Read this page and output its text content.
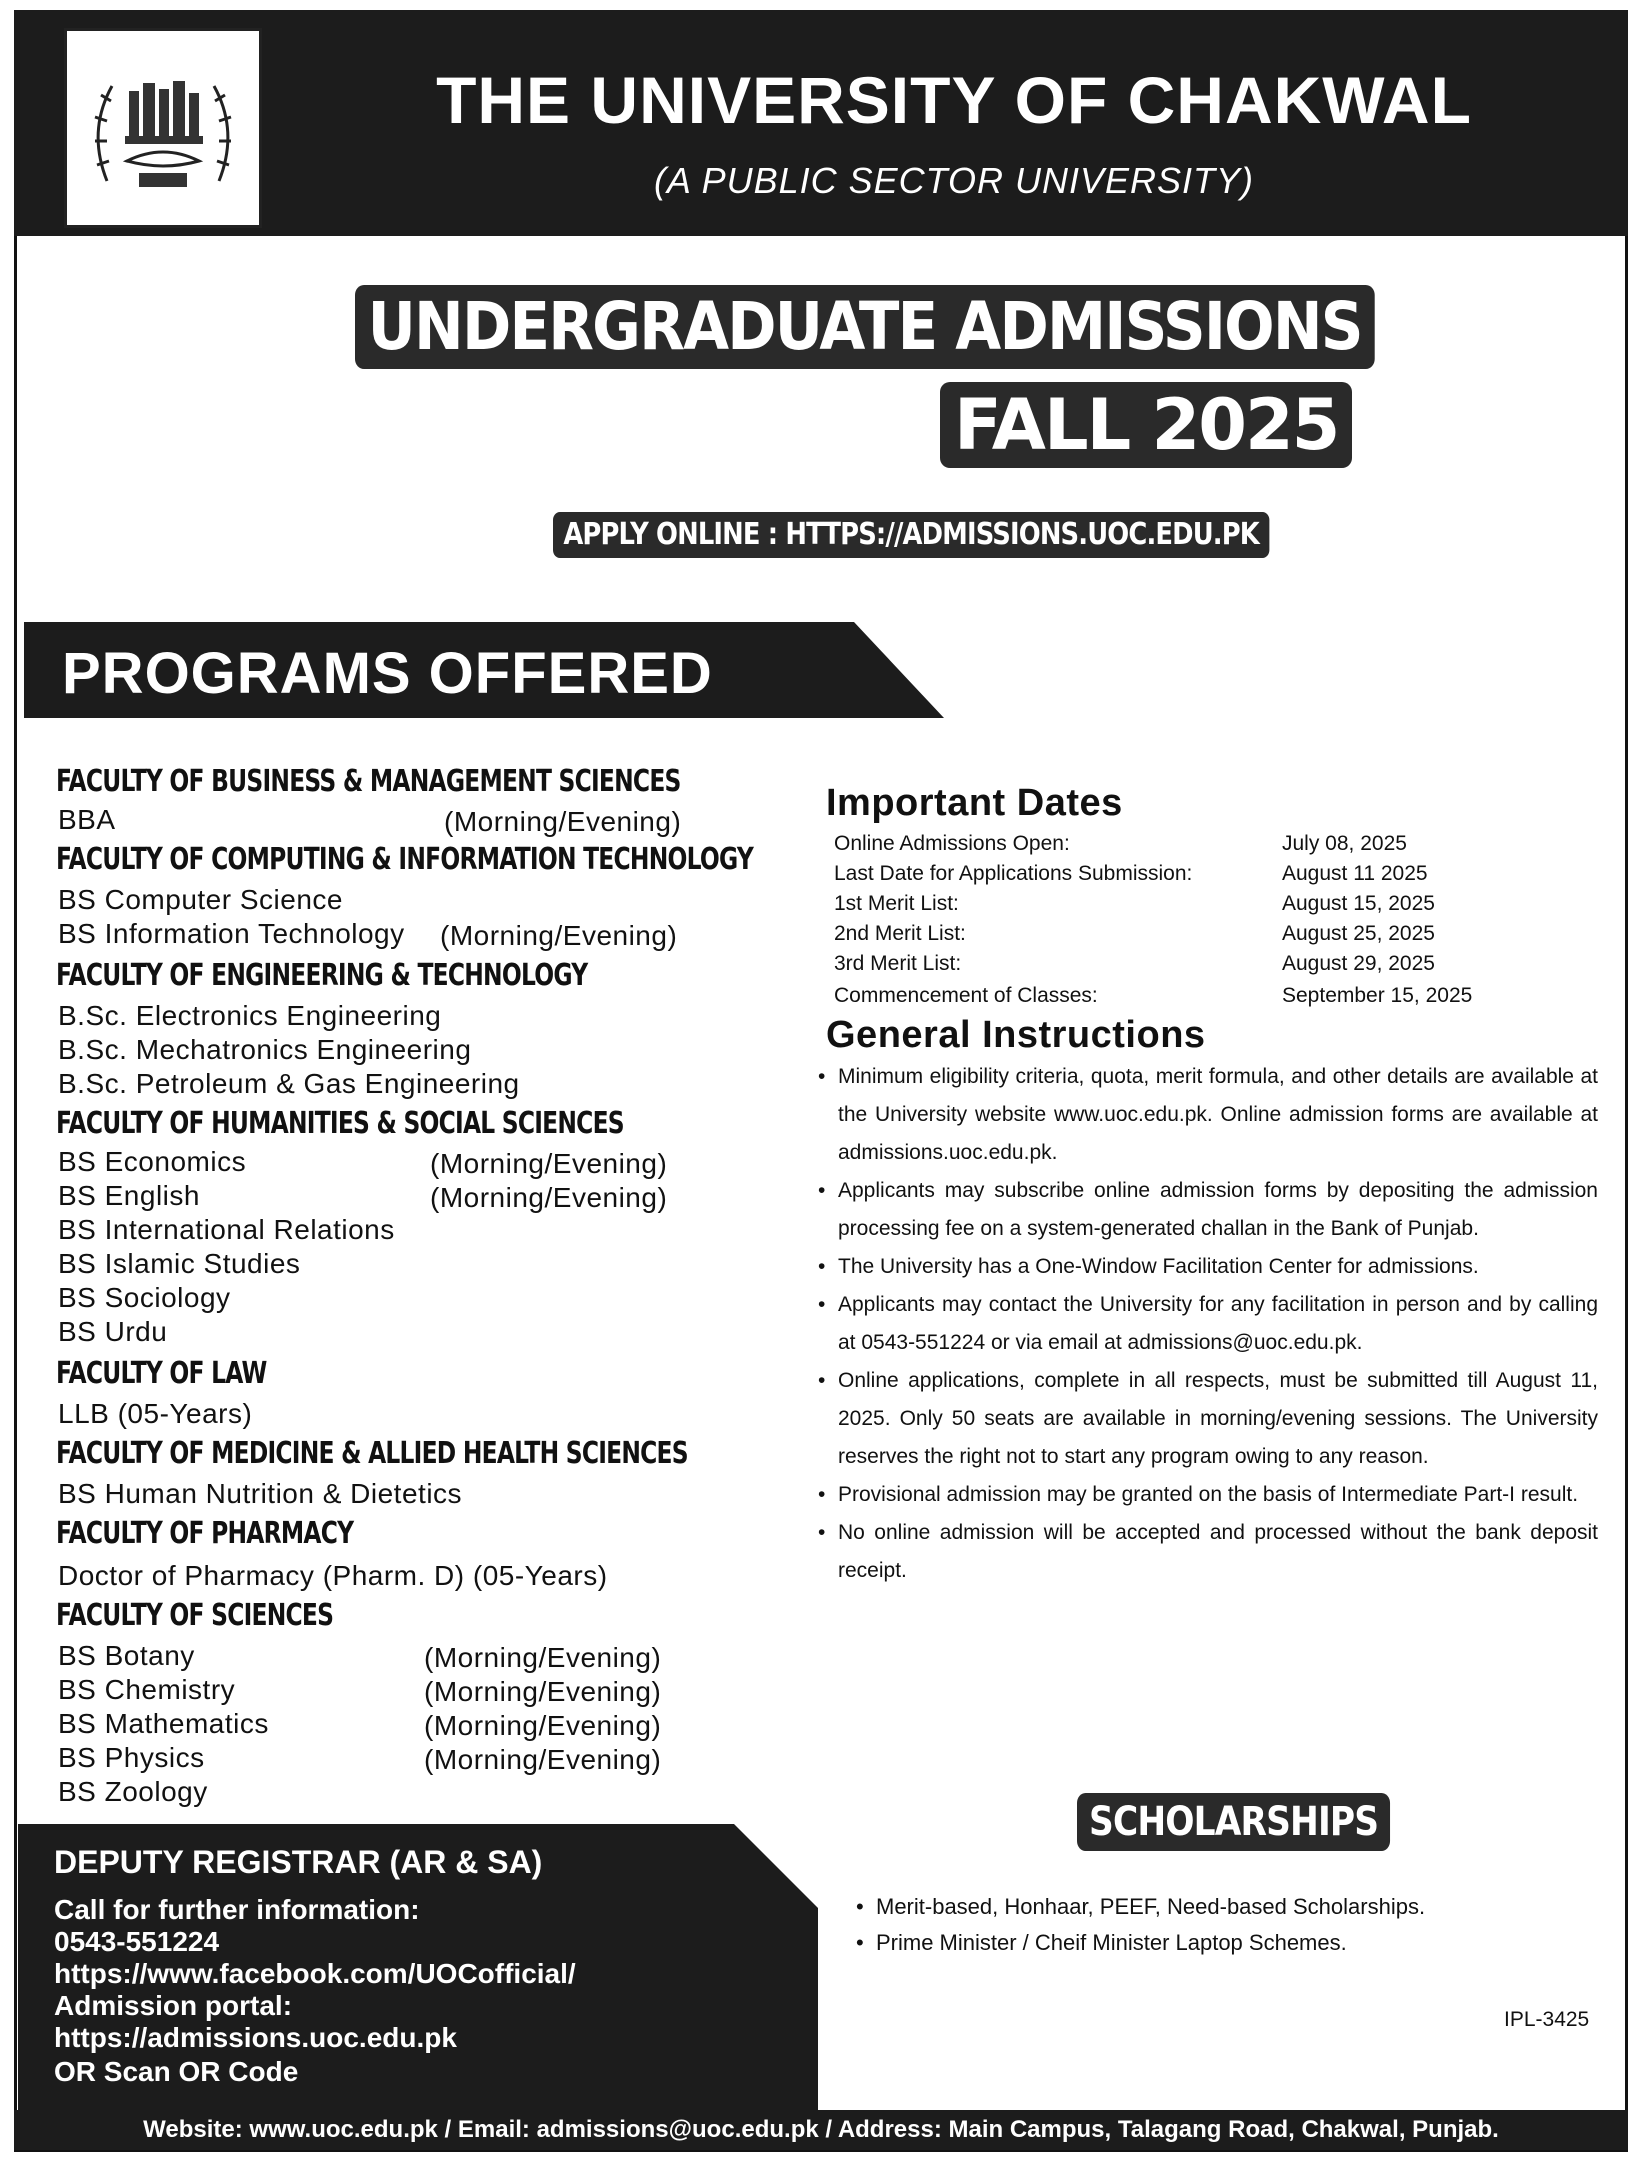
THE UNIVERSITY OF CHAKWAL
(A PUBLIC SECTOR UNIVERSITY)
UNDERGRADUATE ADMISSIONS
FALL 2025
APPLY ONLINE : HTTPS://ADMISSIONS.UOC.EDU.PK
PROGRAMS OFFERED
FACULTY OF BUSINESS & MANAGEMENT SCIENCES
BBA	(Morning/Evening)
FACULTY OF COMPUTING & INFORMATION TECHNOLOGY
BS Computer Science
BS Information Technology (Morning/Evening)
FACULTY OF ENGINEERING & TECHNOLOGY
B.Sc. Electronics Engineering
B.Sc. Mechatronics Engineering
B.Sc. Petroleum & Gas Engineering
FACULTY OF HUMANITIES & SOCIAL SCIENCES
BS Economics	(Morning/Evening)
BS English	(Morning/Evening)
BS International Relations
BS Islamic Studies
BS Sociology
BS Urdu
FACULTY OF LAW
LLB (05-Years)
FACULTY OF MEDICINE & ALLIED HEALTH SCIENCES
BS Human Nutrition & Dietetics
FACULTY OF PHARMACY
Doctor of Pharmacy (Pharm. D) (05-Years)
FACULTY OF SCIENCES
BS Botany	(Morning/Evening)
BS Chemistry	(Morning/Evening)
BS Mathematics	(Morning/Evening)
BS Physics	(Morning/Evening)
BS Zoology
Important Dates
Online Admissions Open:	July 08, 2025
Last Date for Applications Submission:	August 11 2025
1st Merit List:	August 15, 2025
2nd Merit List:	August 25, 2025
3rd Merit List:	August 29, 2025
Commencement of Classes:	September 15, 2025
General Instructions
• Minimum eligibility criteria, quota, merit formula, and other details are available at the University website www.uoc.edu.pk. Online admission forms are available at admissions.uoc.edu.pk.
• Applicants may subscribe online admission forms by depositing the admission processing fee on a system-generated challan in the Bank of Punjab.
• The University has a One-Window Facilitation Center for admissions.
• Applicants may contact the University for any facilitation in person and by calling at 0543-551224 or via email at admissions@uoc.edu.pk.
• Online applications, complete in all respects, must be submitted till August 11, 2025. Only 50 seats are available in morning/evening sessions. The University reserves the right not to start any program owing to any reason.
• Provisional admission may be granted on the basis of Intermediate Part-I result.
• No online admission will be accepted and processed without the bank deposit receipt.
SCHOLARSHIPS
• Merit-based, Honhaar, PEEF, Need-based Scholarships.
• Prime Minister / Cheif Minister Laptop Schemes.
DEPUTY REGISTRAR (AR & SA)
Call for further information:
0543-551224
https://www.facebook.com/UOCofficial/
Admission portal:
https://admissions.uoc.edu.pk
OR Scan OR Code
IPL-3425
Website: www.uoc.edu.pk / Email: admissions@uoc.edu.pk / Address: Main Campus, Talagang Road, Chakwal, Punjab.
